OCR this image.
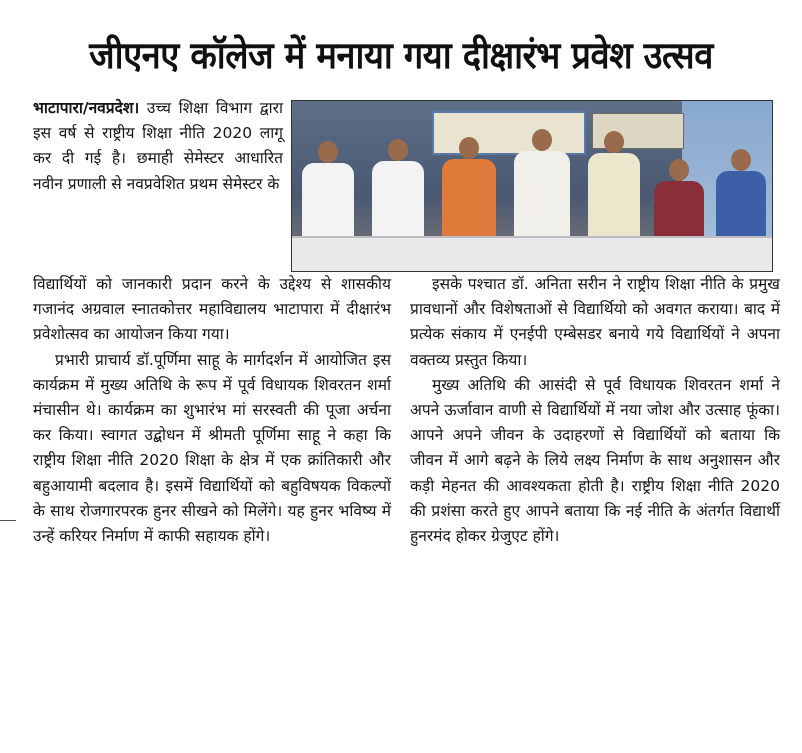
जीएनए कॉलेज में मनाया गया दीक्षारंभ प्रवेश उत्सव

भाटापारा/नवप्रदेश। उच्च शिक्षा विभाग द्वारा इस वर्ष से राष्ट्रीय शिक्षा नीति 2020 लागू कर दी गई है। छमाही सेमेस्टर आधारित नवीन प्रणाली से नवप्रवेशित प्रथम सेमेस्टर के

विद्यार्थियों को जानकारी प्रदान करने के उद्देश्य से शासकीय गजानंद अग्रवाल स्नातकोत्तर महाविद्यालय भाटापारा में दीक्षारंभ प्रवेशोत्सव का आयोजन किया गया।

प्रभारी प्राचार्य डॉ.पूर्णिमा साहू के मार्गदर्शन में आयोजित इस कार्यक्रम में मुख्य अतिथि के रूप में पूर्व विधायक शिवरतन शर्मा मंचासीन थे। कार्यक्रम का शुभारंभ मां सरस्वती की पूजा अर्चना कर किया। स्वागत उद्बोधन में श्रीमती पूर्णिमा साहू ने कहा कि राष्ट्रीय शिक्षा नीति 2020 शिक्षा के क्षेत्र में एक क्रांतिकारी और बहुआयामी बदलाव है। इसमें विद्यार्थियों को बहुविषयक विकल्पों के साथ रोजगारपरक हुनर सीखने को मिलेंगे। यह हुनर भविष्य में उन्हें करियर निर्माण में काफी सहायक होंगे।

इसके पश्चात डॉ. अनिता सरीन ने राष्ट्रीय शिक्षा नीति के प्रमुख प्रावधानों और विशेषताओं से विद्यार्थियो को अवगत कराया। बाद में प्रत्येक संकाय में एनईपी एम्बेसडर बनाये गये विद्यार्थियों ने अपना वक्तव्य प्रस्तुत किया।

मुख्य अतिथि की आसंदी से पूर्व विधायक शिवरतन शर्मा ने अपने ऊर्जावान वाणी से विद्यार्थियों में नया जोश और उत्साह फूंका। आपने अपने जीवन के उदाहरणों से विद्यार्थियों को बताया कि जीवन में आगे बढ़ने के लिये लक्ष्य निर्माण के साथ अनुशासन और कड़ी मेहनत की आवश्यकता होती है। राष्ट्रीय शिक्षा नीति 2020 की प्रशंसा करते हुए आपने बताया कि नई नीति के अंतर्गत विद्यार्थी हुनरमंद होकर ग्रेजुएट होंगे।
